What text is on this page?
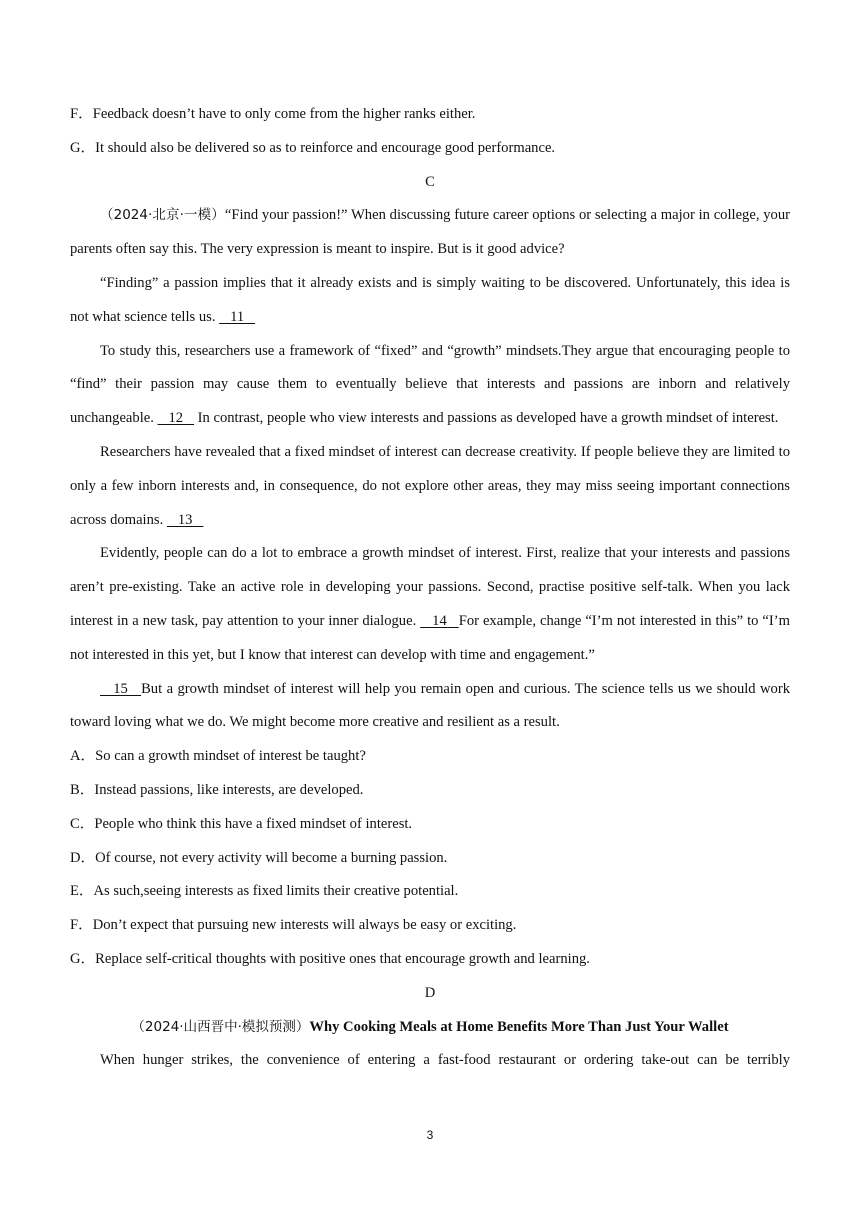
F．Feedback doesn’t have to only come from the higher ranks either.
G．It should also be delivered so as to reinforce and encourage good performance.
C

（2024·北京·一模）“Find your passion!” When discussing future career options or selecting a major in college, your parents often say this. The very expression is meant to inspire. But is it good advice?

“Finding” a passion implies that it already exists and is simply waiting to be discovered. Unfortunately, this idea is not what science tells us.    11

To study this, researchers use a framework of “fixed” and “growth” mindsets.They argue that encouraging people to “find” their passion may cause them to eventually believe that interests and passions are inborn and relatively unchangeable.    12    In contrast, people who view interests and passions as developed have a growth mindset of interest.

Researchers have revealed that a fixed mindset of interest can decrease creativity. If people believe they are limited to only a few inborn interests and, in consequence, do not explore other areas, they may miss seeing important connections across domains.    13

Evidently, people can do a lot to embrace a growth mindset of interest. First, realize that your interests and passions aren’t pre-existing. Take an active role in developing your passions. Second, practise positive self-talk. When you lack interest in a new task, pay attention to your inner dialogue.    14   For example, change “I’m not interested in this” to “I’m not interested in this yet, but I know that interest can develop with time and engagement.”

15   But a growth mindset of interest will help you remain open and curious. The science tells us we should work toward loving what we do. We might become more creative and resilient as a result.

A．So can a growth mindset of interest be taught?
B．Instead passions, like interests, are developed.
C．People who think this have a fixed mindset of interest.
D．Of course, not every activity will become a burning passion.
E．As such,seeing interests as fixed limits their creative potential.
F．Don’t expect that pursuing new interests will always be easy or exciting.
G．Replace self-critical thoughts with positive ones that encourage growth and learning.
D
（2024·山西晋中·模拟预测）Why Cooking Meals at Home Benefits More Than Just Your Wallet

When hunger strikes, the convenience of entering a fast-food restaurant or ordering take-out can be terribly

3
